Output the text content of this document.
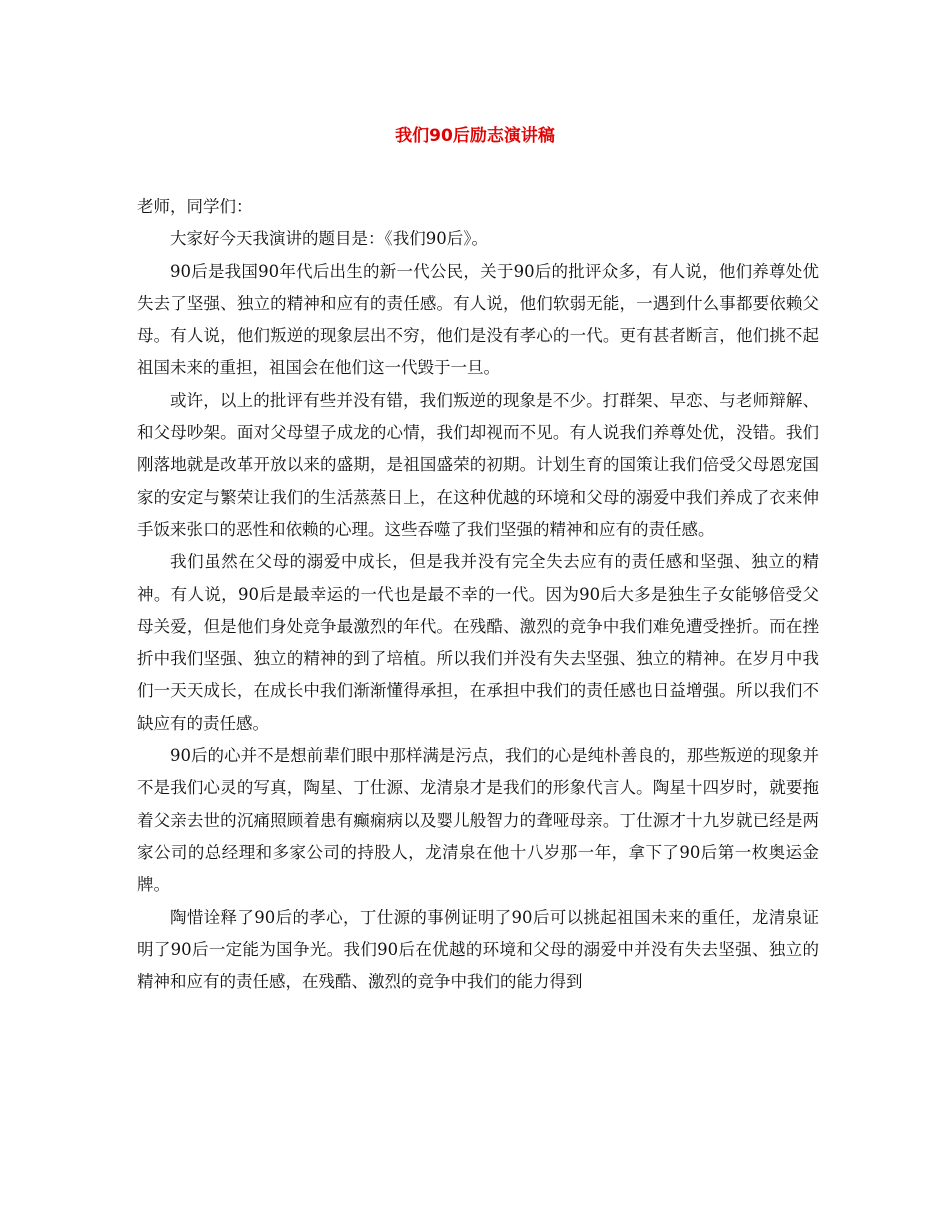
我们90后励志演讲稿

老师，同学们：

大家好今天我演讲的题目是：《我们90后》。

90后是我国90年代后出生的新一代公民，关于90后的批评众多，有人说，他们养尊处优失去了坚强、独立的精神和应有的责任感。有人说，他们软弱无能，一遇到什么事都要依赖父母。有人说，他们叛逆的现象层出不穷，他们是没有孝心的一代。更有甚者断言，他们挑不起祖国未来的重担，祖国会在他们这一代毁于一旦。

或许，以上的批评有些并没有错，我们叛逆的现象是不少。打群架、早恋、与老师辩解、和父母吵架。面对父母望子成龙的心情，我们却视而不见。有人说我们养尊处优，没错。我们刚落地就是改革开放以来的盛期，是祖国盛荣的初期。计划生育的国策让我们倍受父母恩宠国家的安定与繁荣让我们的生活蒸蒸日上，在这种优越的环境和父母的溺爱中我们养成了衣来伸手饭来张口的恶性和依赖的心理。这些吞噬了我们坚强的精神和应有的责任感。

我们虽然在父母的溺爱中成长，但是我并没有完全失去应有的责任感和坚强、独立的精神。有人说，90后是最幸运的一代也是最不幸的一代。因为90后大多是独生子女能够倍受父母关爱，但是他们身处竞争最激烈的年代。在残酷、激烈的竞争中我们难免遭受挫折。而在挫折中我们坚强、独立的精神的到了培植。所以我们并没有失去坚强、独立的精神。在岁月中我们一天天成长，在成长中我们渐渐懂得承担，在承担中我们的责任感也日益增强。所以我们不缺应有的责任感。

90后的心并不是想前辈们眼中那样满是污点，我们的心是纯朴善良的，那些叛逆的现象并不是我们心灵的写真，陶星、丁仕源、龙清泉才是我们的形象代言人。陶星十四岁时，就要拖着父亲去世的沉痛照顾着患有癫痫病以及婴儿般智力的聋哑母亲。丁仕源才十九岁就已经是两家公司的总经理和多家公司的持股人，龙清泉在他十八岁那一年，拿下了90后第一枚奥运金牌。

陶惜诠释了90后的孝心，丁仕源的事例证明了90后可以挑起祖国未来的重任，龙清泉证明了90后一定能为国争光。我们90后在优越的环境和父母的溺爱中并没有失去坚强、独立的精神和应有的责任感，在残酷、激烈的竞争中我们的能力得到
